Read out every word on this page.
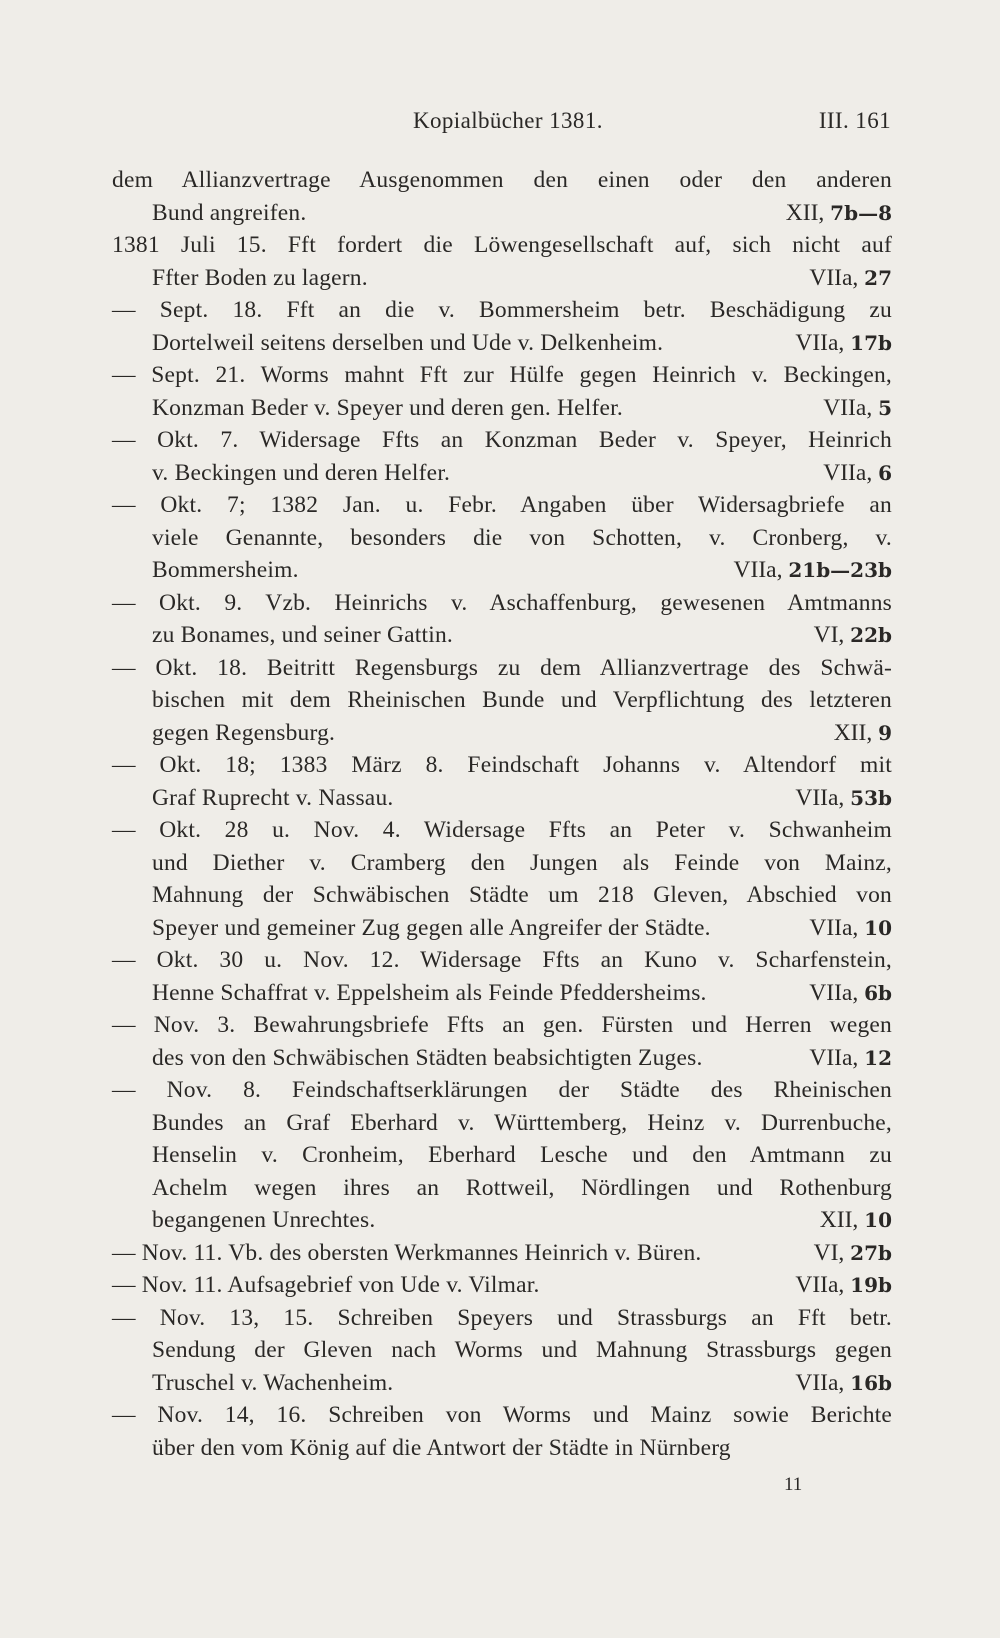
Kopialbücher 1381.	III. 161
dem Allianzvertrage Ausgenommen den einen oder den anderen
Bund angreifen.	XII, 7b—8
1381 Juli 15. Fft fordert die Löwengesellschaft auf, sich nicht auf
Ffter Boden zu lagern.	VIIa, 27
— Sept. 18. Fft an die v. Bommersheim betr. Beschädigung zu
Dortelweil seitens derselben und Ude v. Delkenheim.	VIIa, 17b
— Sept. 21. Worms mahnt Fft zur Hülfe gegen Heinrich v. Beckingen,
Konzman Beder v. Speyer und deren gen. Helfer.	VIIa, 5
— Okt. 7. Widersage Ffts an Konzman Beder v. Speyer, Heinrich
v. Beckingen und deren Helfer.	VIIa, 6
— Okt. 7; 1382 Jan. u. Febr. Angaben über Widersagbriefe an
viele Genannte, besonders die von Schotten, v. Cronberg, v.
Bommersheim.	VIIa, 21b—23b
— Okt. 9. Vzb. Heinrichs v. Aschaffenburg, gewesenen Amtmanns
zu Bonames, und seiner Gattin.	VI, 22b
— Okt. 18. Beitritt Regensburgs zu dem Allianzvertrage des Schwä-
bischen mit dem Rheinischen Bunde und Verpflichtung des letzteren
gegen Regensburg.	XII, 9
— Okt. 18; 1383 März 8. Feindschaft Johanns v. Altendorf mit
Graf Ruprecht v. Nassau.	VIIa, 53b
— Okt. 28 u. Nov. 4. Widersage Ffts an Peter v. Schwanheim
und Diether v. Cramberg den Jungen als Feinde von Mainz,
Mahnung der Schwäbischen Städte um 218 Gleven, Abschied von
Speyer und gemeiner Zug gegen alle Angreifer der Städte.	VIIa, 10
— Okt. 30 u. Nov. 12. Widersage Ffts an Kuno v. Scharfenstein,
Henne Schaffrat v. Eppelsheim als Feinde Pfeddersheims.	VIIa, 6b
— Nov. 3. Bewahrungsbriefe Ffts an gen. Fürsten und Herren wegen
des von den Schwäbischen Städten beabsichtigten Zuges.	VIIa, 12
— Nov. 8. Feindschaftserklärungen der Städte des Rheinischen
Bundes an Graf Eberhard v. Württemberg, Heinz v. Durrenbuche,
Henselin v. Cronheim, Eberhard Lesche und den Amtmann zu
Achelm wegen ihres an Rottweil, Nördlingen und Rothenburg
begangenen Unrechtes.	XII, 10
— Nov. 11. Vb. des obersten Werkmannes Heinrich v. Büren.	VI, 27b
— Nov. 11. Aufsagebrief von Ude v. Vilmar.	VIIa, 19b
— Nov. 13, 15. Schreiben Speyers und Strassburgs an Fft betr.
Sendung der Gleven nach Worms und Mahnung Strassburgs gegen
Truschel v. Wachenheim.	VIIa, 16b
— Nov. 14, 16. Schreiben von Worms und Mainz sowie Berichte
über den vom König auf die Antwort der Städte in Nürnberg
11
